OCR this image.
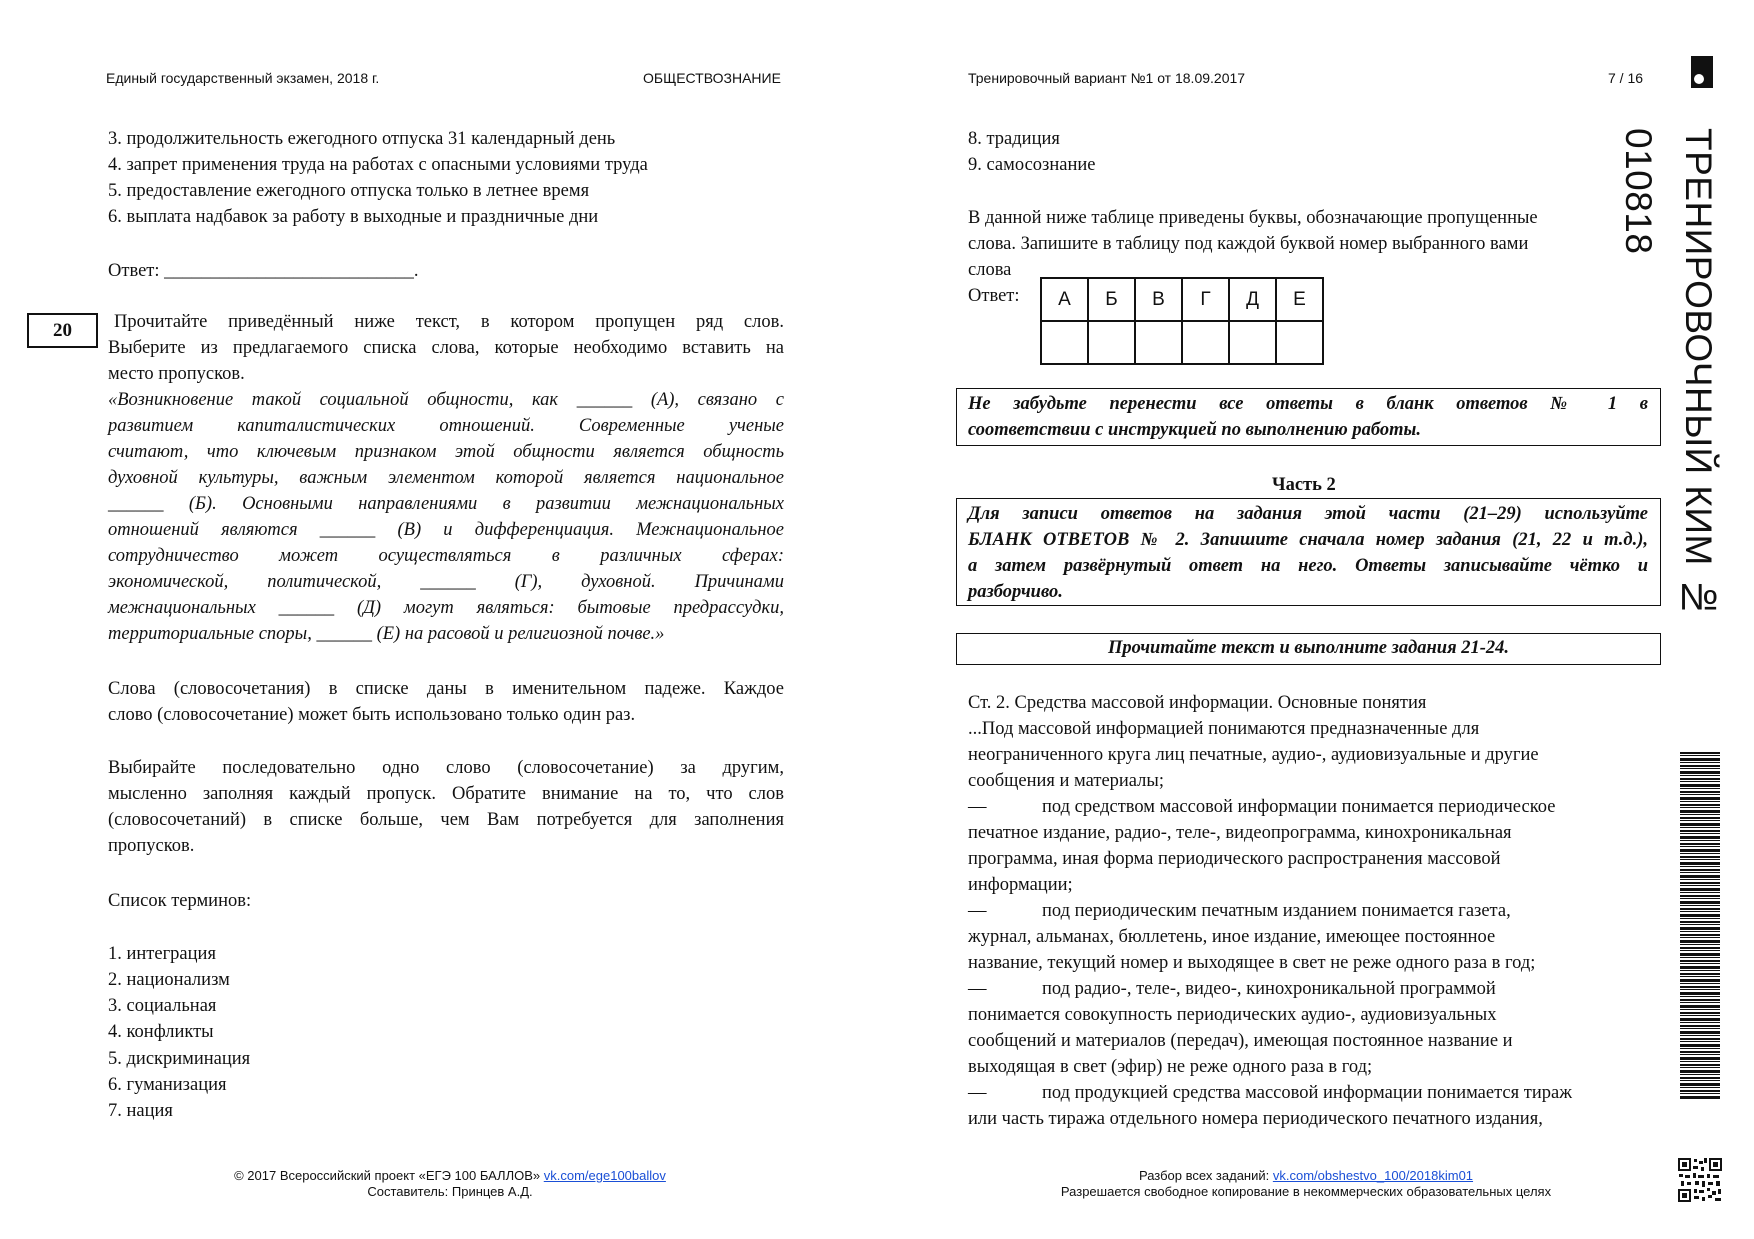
Единый государственный экзамен, 2018 г.	ОБЩЕСТВОЗНАНИЕ	Тренировочный вариант №1 от 18.09.2017	7 / 16
3. продолжительность ежегодного отпуска 31 календарный день
4. запрет применения труда на работах с опасными условиями труда
5. предоставление ежегодного отпуска только в летнее время
6. выплата надбавок за работу в выходные и праздничные дни
Ответ: ___________________________.
20	Прочитайте приведённый ниже текст, в котором пропущен ряд слов.
Выберите из предлагаемого списка слова, которые необходимо вставить на
место пропусков.
«Возникновение такой социальной общности, как ______ (А), связано с
развитием капиталистических отношений. Современные ученые
считают, что ключевым признаком этой общности является общность
духовной культуры, важным элементом которой является национальное
______ (Б). Основными направлениями в развитии межнациональных
отношений являются ______ (В) и дифференциация. Межнациональное
сотрудничество может осуществляться в различных сферах:
экономической, политической, ______ (Г), духовной. Причинами
межнациональных ______ (Д) могут являться: бытовые предрассудки,
территориальные споры, ______ (Е) на расовой и религиозной почве.»
Слова (словосочетания) в списке даны в именительном падеже. Каждое
слово (словосочетание) может быть использовано только один раз.
Выбирайте последовательно одно слово (словосочетание) за другим,
мысленно заполняя каждый пропуск. Обратите внимание на то, что слов
(словосочетаний) в списке больше, чем Вам потребуется для заполнения
пропусков.
Список терминов:
1. интеграция
2. национализм
3. социальная
4. конфликты
5. дискриминация
6. гуманизация
7. нация
8. традиция
9. самосознание
В данной ниже таблице приведены буквы, обозначающие пропущенные
слова. Запишите в таблицу под каждой буквой номер выбранного вами
слова
Ответ: А	Б	В	Г	Д	Е

Не забудьте перенести все ответы в бланк ответов № 1 в
соответствии с инструкцией по выполнению работы.
Часть 2
Для записи ответов на задания этой части (21–29) используйте
БЛАНК ОТВЕТОВ № 2. Запишите сначала номер задания (21, 22 и т.д.),
а затем развёрнутый ответ на него. Ответы записывайте чётко и
разборчиво.
Прочитайте текст и выполните задания 21-24.
Ст. 2. Средства массовой информации. Основные понятия
...Под массовой информацией понимаются предназначенные для
неограниченного круга лиц печатные, аудио-, аудиовизуальные и другие
сообщения и материалы;
—	под средством массовой информации понимается периодическое
печатное издание, радио-, теле-, видеопрограмма, кинохроникальная
программа, иная форма периодического распространения массовой
информации;
—	под периодическим печатным изданием понимается газета,
журнал, альманах, бюллетень, иное издание, имеющее постоянное
название, текущий номер и выходящее в свет не реже одного раза в год;
—	под радио-, теле-, видео-, кинохроникальной программой
понимается совокупность периодических аудио-, аудиовизуальных
сообщений и материалов (передач), имеющая постоянное название и
выходящая в свет (эфир) не реже одного раза в год;
—	под продукцией средства массовой информации понимается тираж
или часть тиража отдельного номера периодического печатного издания,
ТРЕНИРОВОЧНЫЙ КИМ № 010818
© 2017 Всероссийский проект «ЕГЭ 100 БАЛЛОВ» vk.com/ege100ballov
Составитель: Принцев А.Д.
Разбор всех заданий: vk.com/obshestvo_100/2018kim01
Разрешается свободное копирование в некоммерческих образовательных целях
